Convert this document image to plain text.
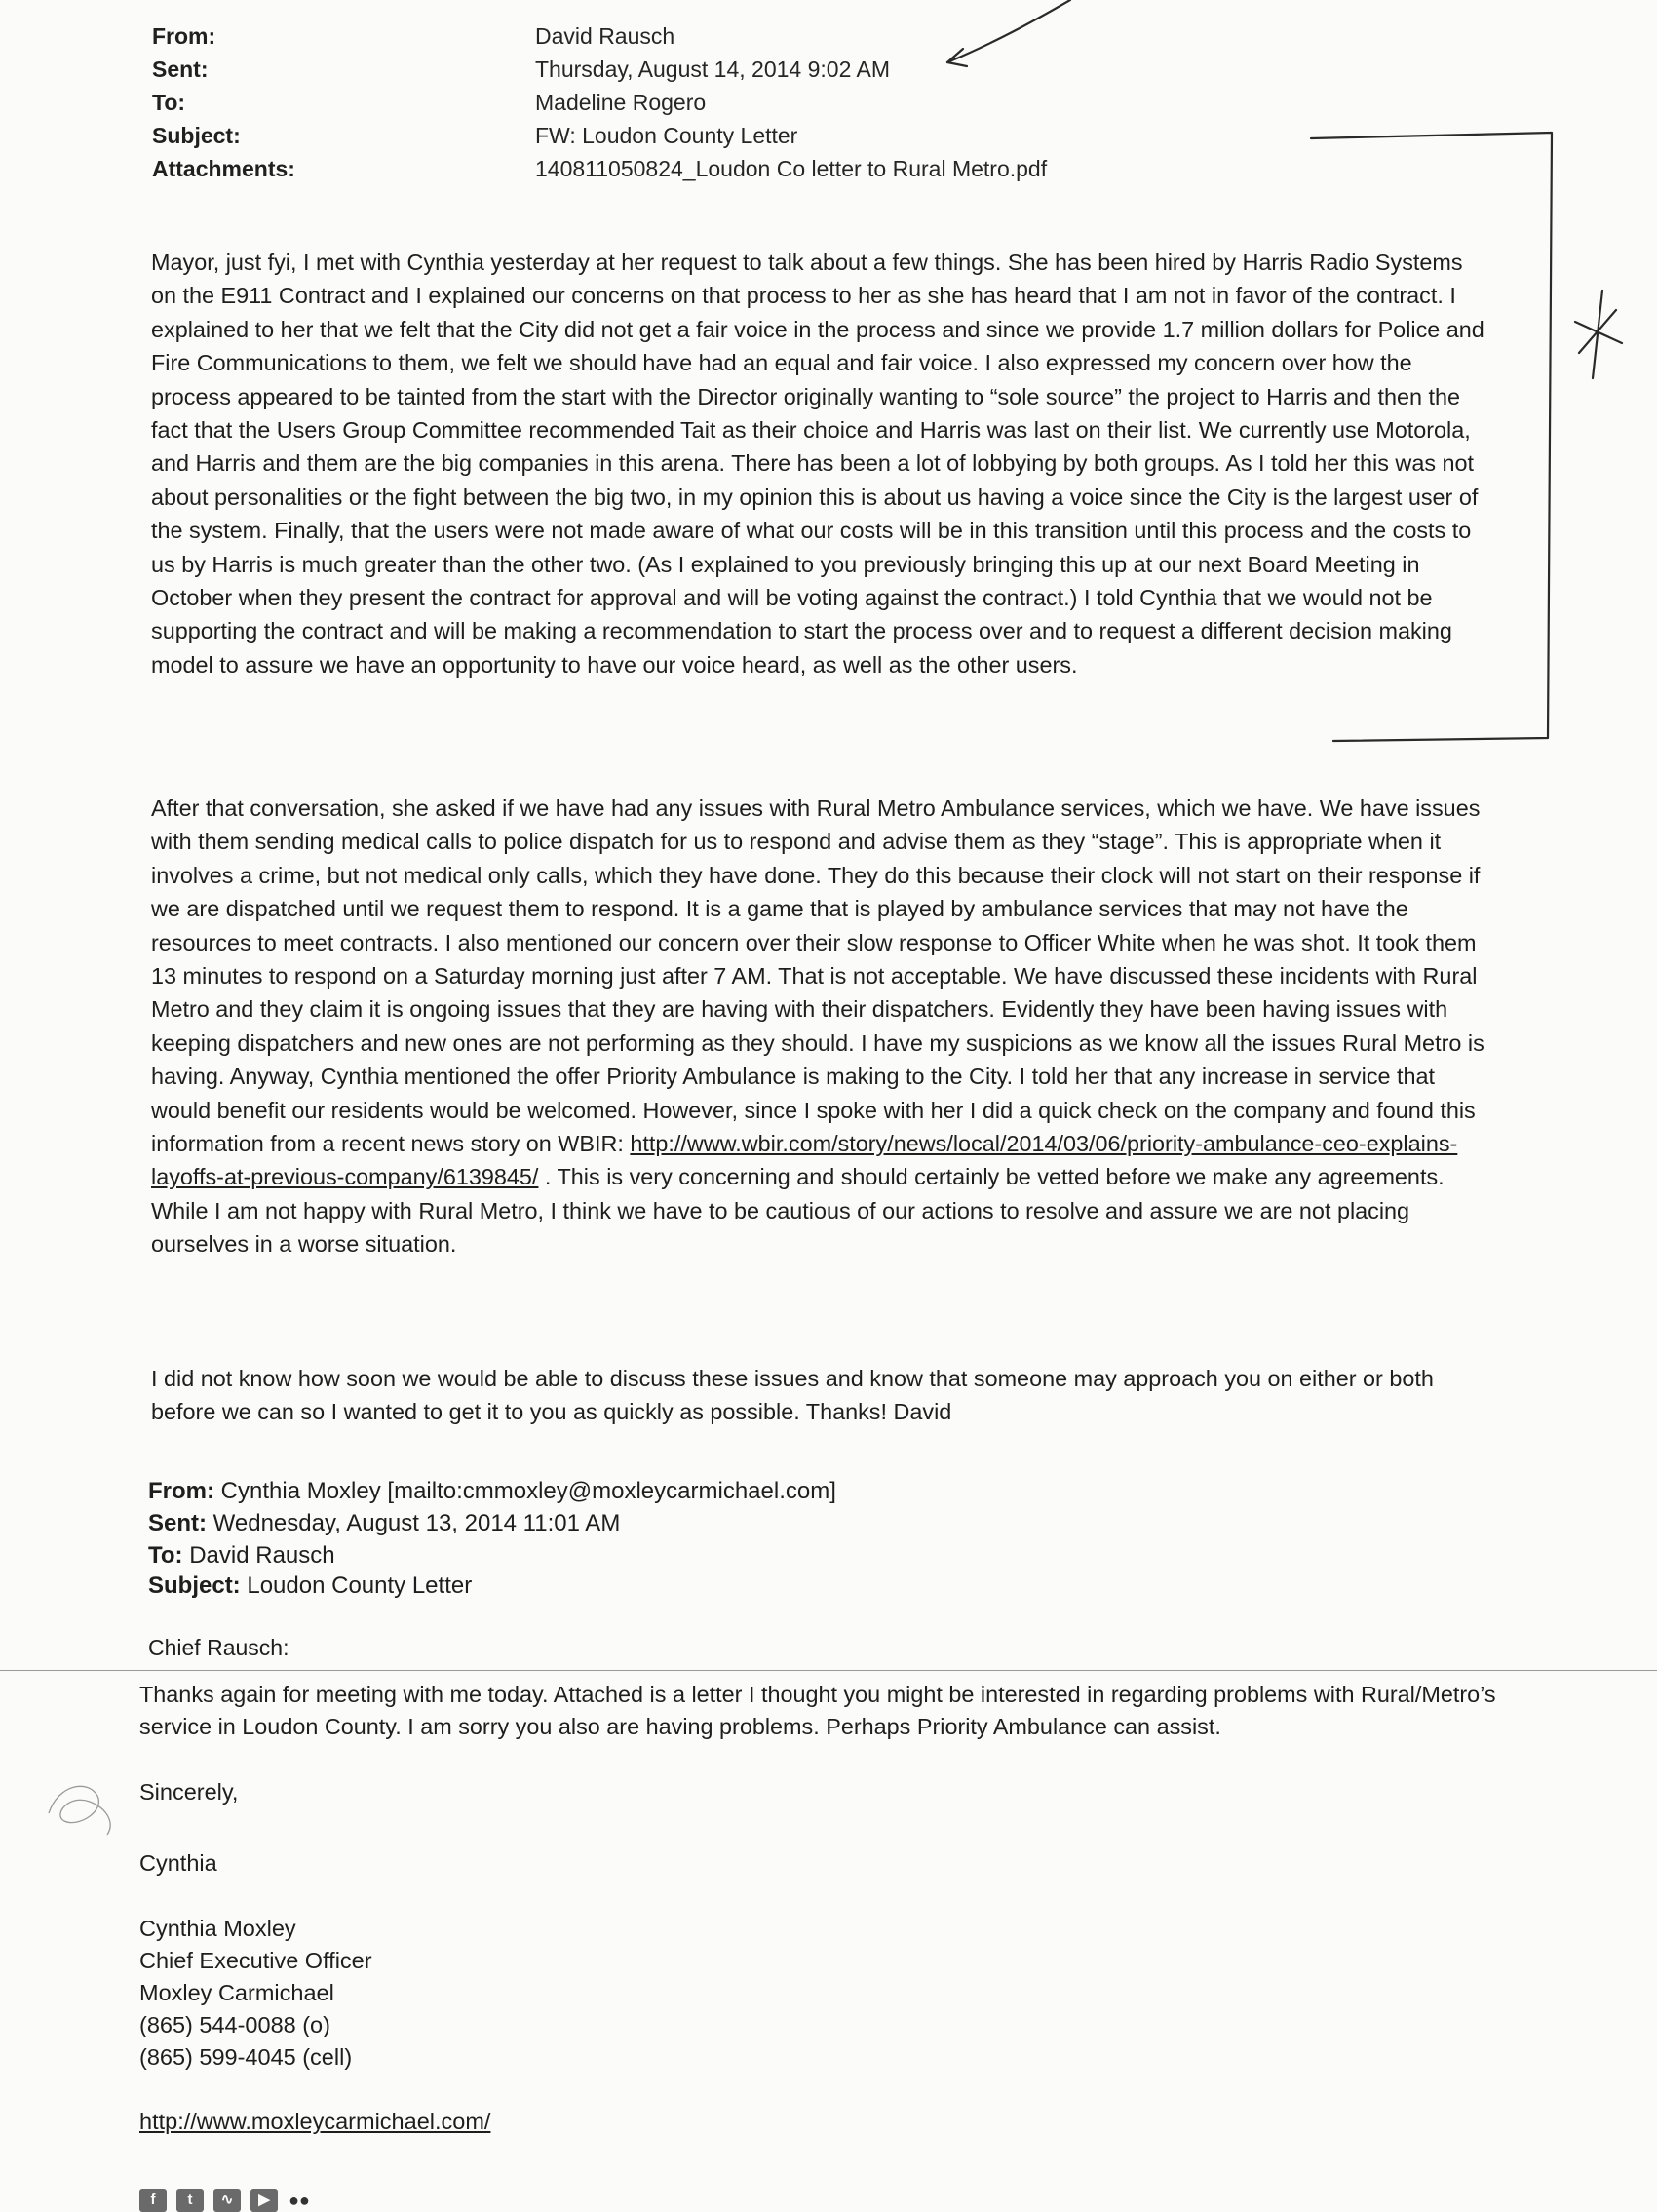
From:	David Rausch
Sent:	Thursday, August 14, 2014 9:02 AM
To:	Madeline Rogero
Subject:	FW: Loudon County Letter
Attachments:	140811050824_Loudon Co letter to Rural Metro.pdf

Mayor, just fyi, I met with Cynthia yesterday at her request to talk about a few things. She has been hired by Harris Radio Systems on the E911 Contract and I explained our concerns on that process to her as she has heard that I am not in favor of the contract. I explained to her that we felt that the City did not get a fair voice in the process and since we provide 1.7 million dollars for Police and Fire Communications to them, we felt we should have had an equal and fair voice. I also expressed my concern over how the process appeared to be tainted from the start with the Director originally wanting to “sole source” the project to Harris and then the fact that the Users Group Committee recommended Tait as their choice and Harris was last on their list. We currently use Motorola, and Harris and them are the big companies in this arena. There has been a lot of lobbying by both groups. As I told her this was not about personalities or the fight between the big two, in my opinion this is about us having a voice since the City is the largest user of the system. Finally, that the users were not made aware of what our costs will be in this transition until this process and the costs to us by Harris is much greater than the other two. (As I explained to you previously bringing this up at our next Board Meeting in October when they present the contract for approval and will be voting against the contract.) I told Cynthia that we would not be supporting the contract and will be making a recommendation to start the process over and to request a different decision making model to assure we have an opportunity to have our voice heard, as well as the other users.

After that conversation, she asked if we have had any issues with Rural Metro Ambulance services, which we have. We have issues with them sending medical calls to police dispatch for us to respond and advise them as they “stage”. This is appropriate when it involves a crime, but not medical only calls, which they have done. They do this because their clock will not start on their response if we are dispatched until we request them to respond. It is a game that is played by ambulance services that may not have the resources to meet contracts. I also mentioned our concern over their slow response to Officer White when he was shot. It took them 13 minutes to respond on a Saturday morning just after 7 AM. That is not acceptable. We have discussed these incidents with Rural Metro and they claim it is ongoing issues that they are having with their dispatchers. Evidently they have been having issues with keeping dispatchers and new ones are not performing as they should. I have my suspicions as we know all the issues Rural Metro is having. Anyway, Cynthia mentioned the offer Priority Ambulance is making to the City. I told her that any increase in service that would benefit our residents would be welcomed. However, since I spoke with her I did a quick check on the company and found this information from a recent news story on WBIR: http://www.wbir.com/story/news/local/2014/03/06/priority-ambulance-ceo-explains-layoffs-at-previous-company/6139845/ . This is very concerning and should certainly be vetted before we make any agreements. While I am not happy with Rural Metro, I think we have to be cautious of our actions to resolve and assure we are not placing ourselves in a worse situation.

I did not know how soon we would be able to discuss these issues and know that someone may approach you on either or both before we can so I wanted to get it to you as quickly as possible. Thanks! David

From: Cynthia Moxley [mailto:cmmoxley@moxleycarmichael.com]
Sent: Wednesday, August 13, 2014 11:01 AM
To: David Rausch
Subject: Loudon County Letter
Chief Rausch:

Thanks again for meeting with me today. Attached is a letter I thought you might be interested in regarding problems with Rural/Metro’s service in Loudon County. I am sorry you also are having problems. Perhaps Priority Ambulance can assist.

Sincerely,
Cynthia
Cynthia Moxley
Chief Executive Officer
Moxley Carmichael
(865) 544-0088 (o)
(865) 599-4045 (cell)
http://www.moxleycarmichael.com/
f	t	∿	▶	●●
